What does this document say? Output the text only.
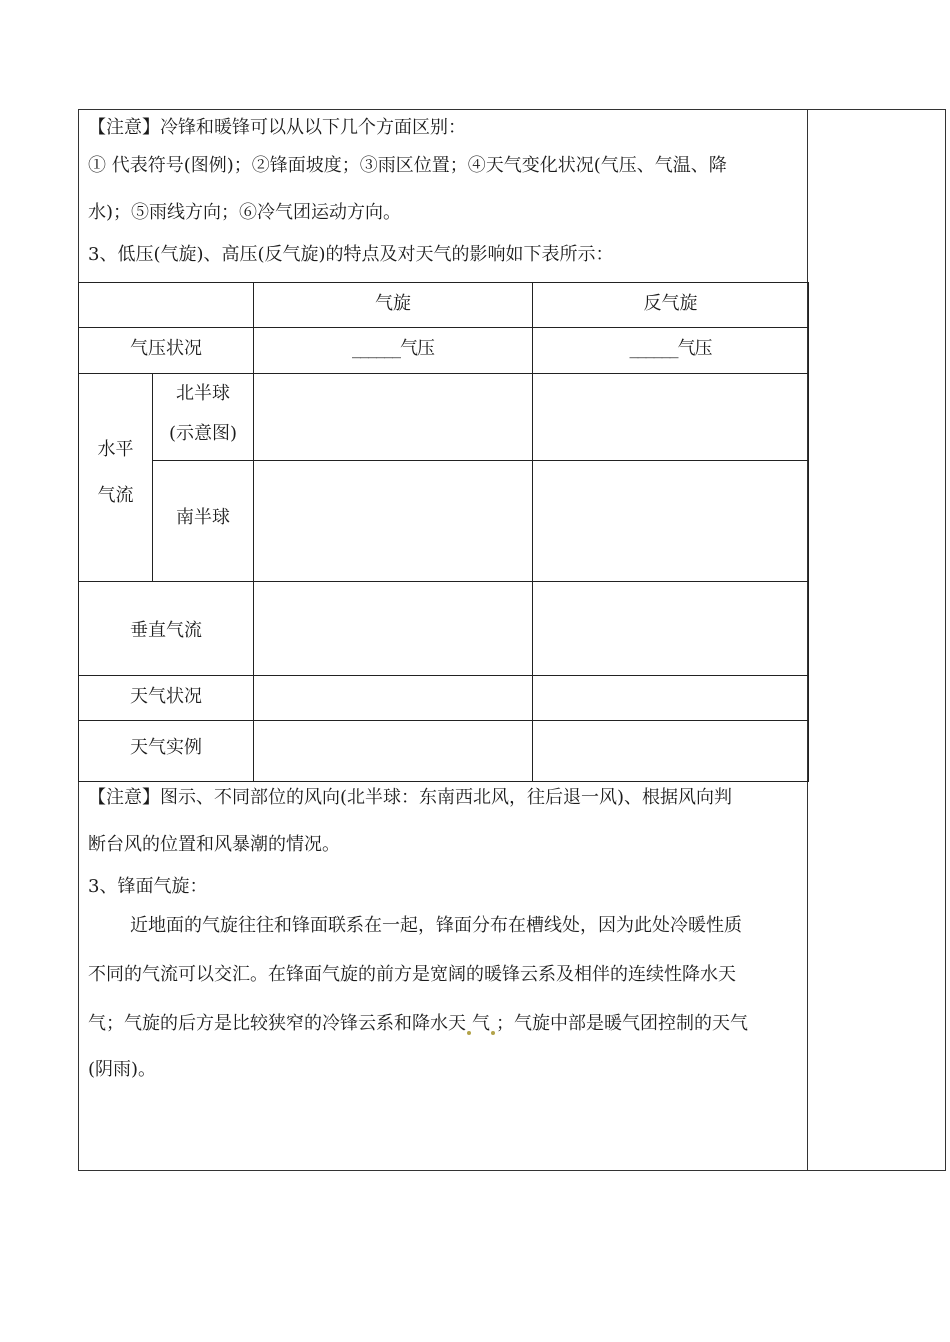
【注意】冷锋和暖锋可以从以下几个方面区别：
① 代表符号(图例)；②锋面坡度；③雨区位置；④天气变化状况(气压、气温、降
水)；⑤雨线方向；⑥冷气团运动方向。
3、低压(气旋)、高压(反气旋)的特点及对天气的影响如下表所示：
		气旋	反气旋
气压状况		______气压	______气压

水平
气流	北半球
(示意图)		
	南半球		
垂直气流			
天气状况			
天气实例			
【注意】图示、不同部位的风向(北半球：东南西北风，往后退一风)、根据风向判
断台风的位置和风暴潮的情况。
3、锋面气旋：
近地面的气旋往往和锋面联系在一起，锋面分布在槽线处，因为此处冷暖性质
不同的气流可以交汇。在锋面气旋的前方是宽阔的暖锋云系及相伴的连续性降水天
气；气旋的后方是比较狭窄的冷锋云系和降水天 气 ；气旋中部是暖气团控制的天气
(阴雨)。
